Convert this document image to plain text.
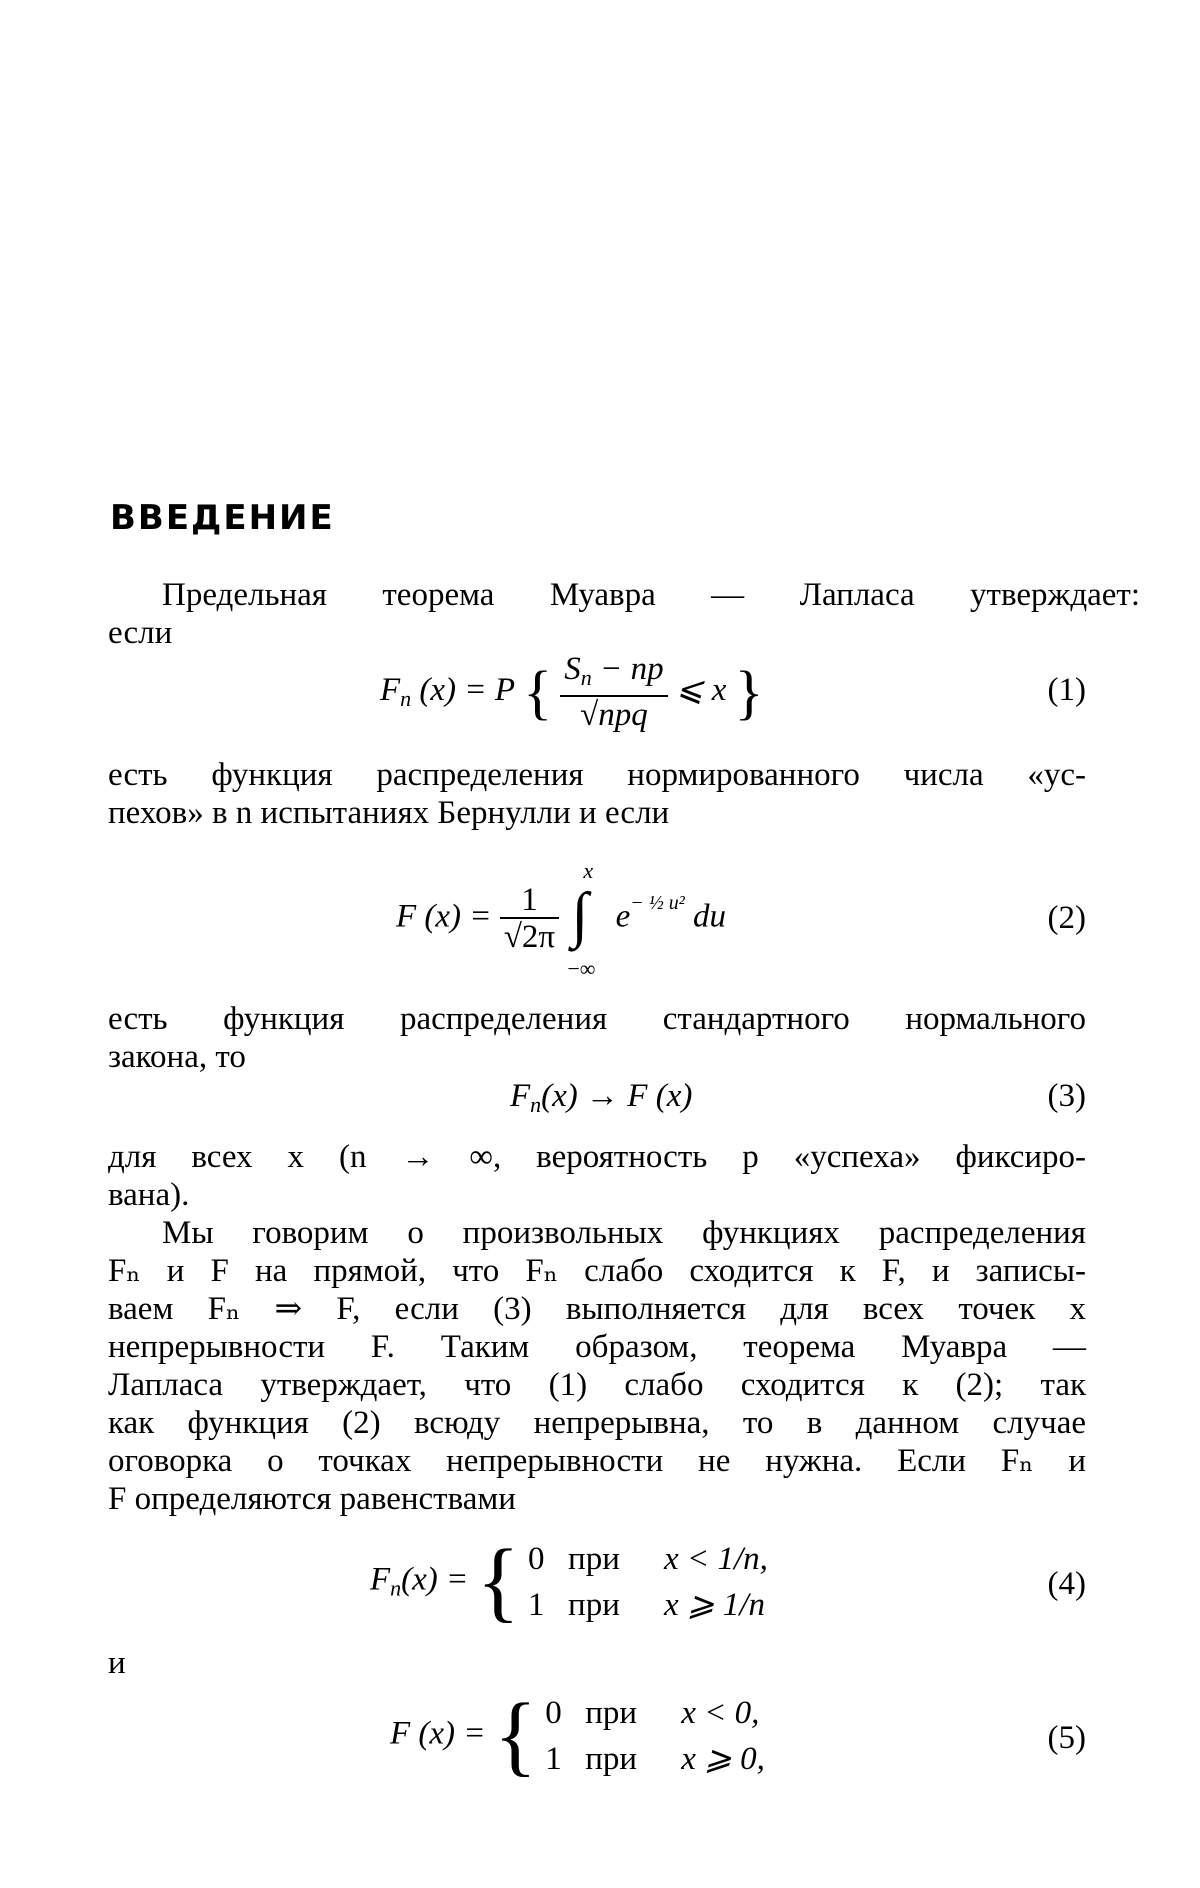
ВВЕДЕНИЕ
Предельная теорема Муавра — Лапласа утверждает:
если
$F_n$ (x) = P { $\frac{S_n - np}{\text{√npq}}$ ⩽ x }	(1)
есть функция распределения нормированного числа «ус-
пехов» в n испытаниях Бернулли и если
F $(x) = \frac{1}{√2\pi}$

x
∫
−∞
$e^{- \frac{1}{2} u^2}$ du	(2)
есть функция распределения стандартного нормального
закона, то
$F_n(x) \to F$ (x)	(3)
для всех x (n → ∞, вероятность p «успеха» фиксиро-
вана).
Мы говорим о произвольных функциях распределения
Fₙ и F на прямой, что Fₙ слабо сходится к F, и записы-
ваем Fₙ ⇒ F, если (3) выполняется для всех точек x
непрерывности F. Таким образом, теорема Муавра —
Лапласа утверждает, что (1) слабо сходится к (2); так
как функция (2) всюду непрерывна, то в данном случае
оговорка о точках непрерывности не нужна. Если Fₙ и
F определяются равенствами
$F_n(x)$ = { 0 при x < 1/n,
1 при x ⩾ 1/n
(4)
и
F (x) = { 0 при x < 0,
1 при x ⩾ 0,
(5)
